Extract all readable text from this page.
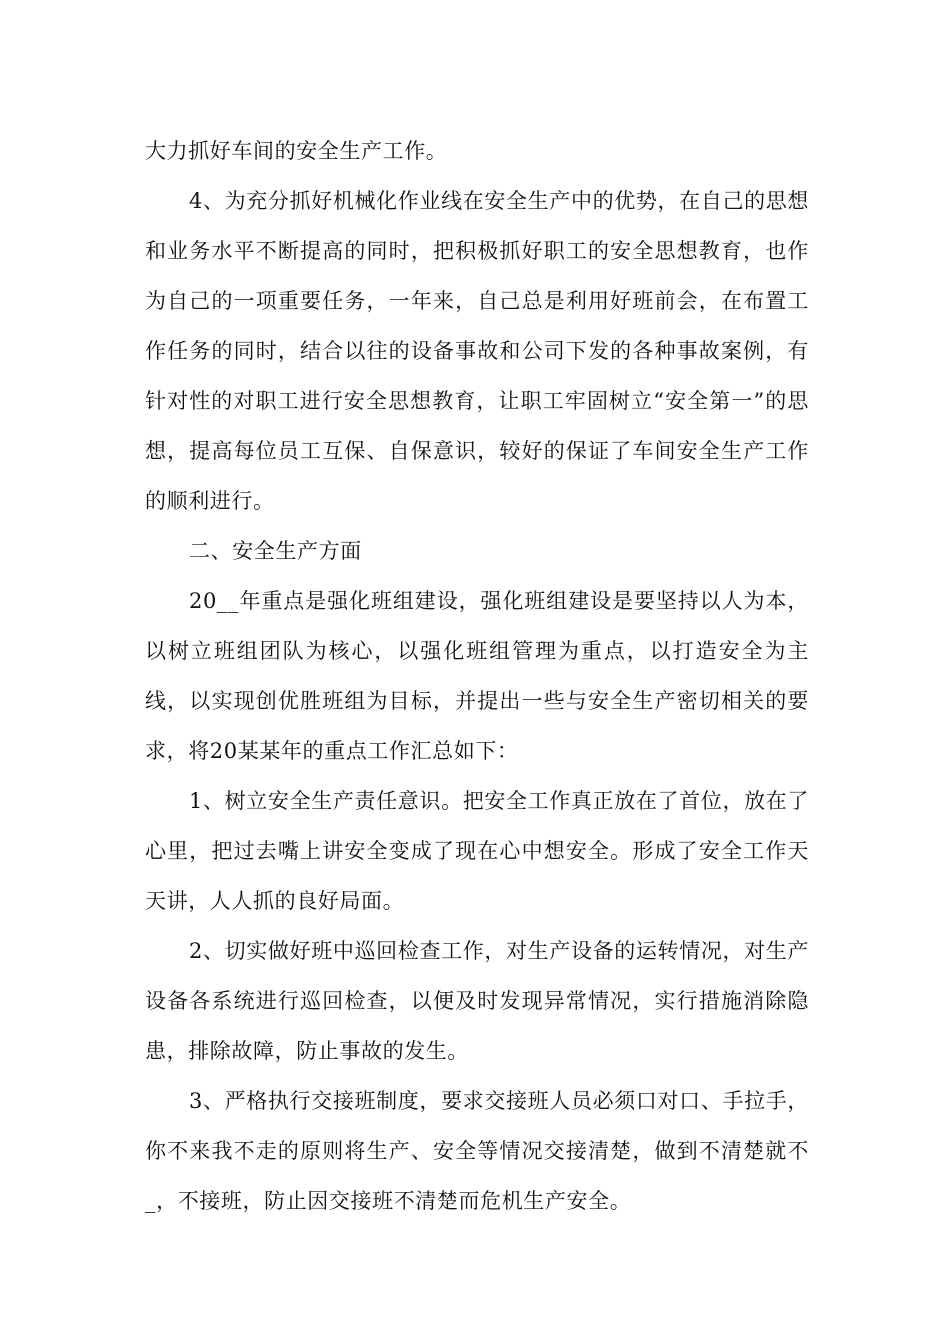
大力抓好车间的安全生产工作。

4、为充分抓好机械化作业线在安全生产中的优势，在自己的思想和业务水平不断提高的同时，把积极抓好职工的安全思想教育，也作为自己的一项重要任务，一年来，自己总是利用好班前会，在布置工作任务的同时，结合以往的设备事故和公司下发的各种事故案例，有针对性的对职工进行安全思想教育，让职工牢固树立“安全第一”的思想，提高每位员工互保、自保意识，较好的保证了车间安全生产工作的顺利进行。

二、安全生产方面

20__年重点是强化班组建设，强化班组建设是要坚持以人为本，以树立班组团队为核心，以强化班组管理为重点，以打造安全为主线，以实现创优胜班组为目标，并提出一些与安全生产密切相关的要求，将20某某年的重点工作汇总如下：

1、树立安全生产责任意识。把安全工作真正放在了首位，放在了心里，把过去嘴上讲安全变成了现在心中想安全。形成了安全工作天天讲，人人抓的良好局面。

2、切实做好班中巡回检查工作，对生产设备的运转情况，对生产设备各系统进行巡回检查，以便及时发现异常情况，实行措施消除隐患，排除故障，防止事故的发生。

3、严格执行交接班制度，要求交接班人员必须口对口、手拉手，你不来我不走的原则将生产、安全等情况交接清楚，做到不清楚就不_，不接班，防止因交接班不清楚而危机生产安全。
